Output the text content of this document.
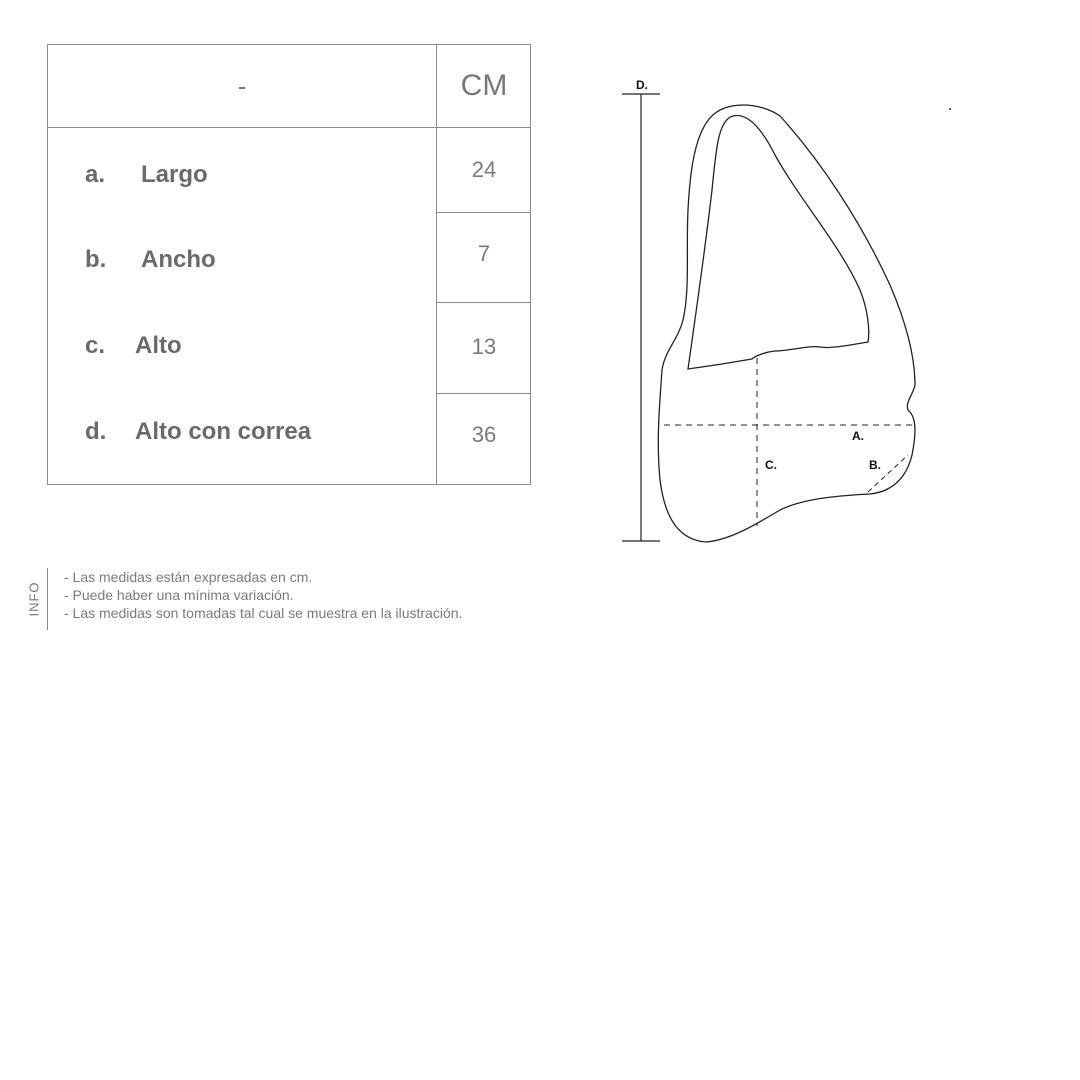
-	CM
a.	Largo	24
b.	Ancho	7
c.	Alto	13
d.	Alto con correa	36
INFO
- Las medidas están expresadas en cm.
- Puede haber una mínima variación.
- Las medidas son tomadas tal cual se muestra en la ilustración.
D.
A.
C.	B.
